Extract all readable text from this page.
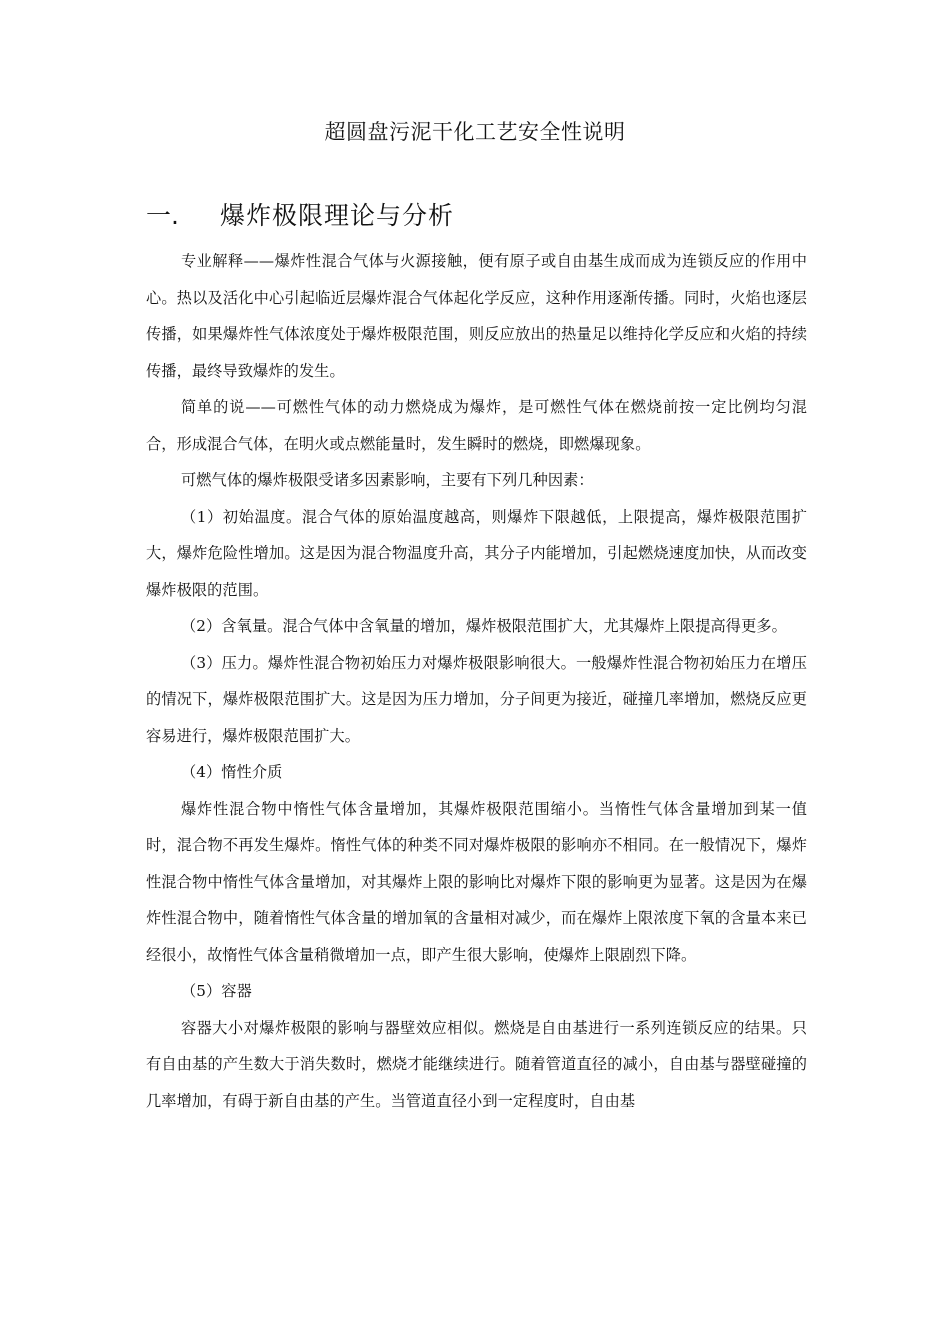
超圆盘污泥干化工艺安全性说明
一. 爆炸极限理论与分析

专业解释——爆炸性混合气体与火源接触，便有原子或自由基生成而成为连锁反应的作用中心。热以及活化中心引起临近层爆炸混合气体起化学反应，这种作用逐渐传播。同时，火焰也逐层传播，如果爆炸性气体浓度处于爆炸极限范围，则反应放出的热量足以维持化学反应和火焰的持续传播，最终导致爆炸的发生。

简单的说——可燃性气体的动力燃烧成为爆炸，是可燃性气体在燃烧前按一定比例均匀混合，形成混合气体，在明火或点燃能量时，发生瞬时的燃烧，即燃爆现象。

可燃气体的爆炸极限受诸多因素影响，主要有下列几种因素：

（1）初始温度。混合气体的原始温度越高，则爆炸下限越低，上限提高，爆炸极限范围扩大，爆炸危险性增加。这是因为混合物温度升高，其分子内能增加，引起燃烧速度加快，从而改变爆炸极限的范围。

（2）含氧量。混合气体中含氧量的增加，爆炸极限范围扩大，尤其爆炸上限提高得更多。

（3）压力。爆炸性混合物初始压力对爆炸极限影响很大。一般爆炸性混合物初始压力在增压的情况下，爆炸极限范围扩大。这是因为压力增加，分子间更为接近，碰撞几率增加，燃烧反应更容易进行，爆炸极限范围扩大。

（4）惰性介质

爆炸性混合物中惰性气体含量增加，其爆炸极限范围缩小。当惰性气体含量增加到某一值时，混合物不再发生爆炸。惰性气体的种类不同对爆炸极限的影响亦不相同。在一般情况下，爆炸性混合物中惰性气体含量增加，对其爆炸上限的影响比对爆炸下限的影响更为显著。这是因为在爆炸性混合物中，随着惰性气体含量的增加氧的含量相对减少，而在爆炸上限浓度下氧的含量本来已经很小，故惰性气体含量稍微增加一点，即产生很大影响，使爆炸上限剧烈下降。

（5）容器

容器大小对爆炸极限的影响与器壁效应相似。燃烧是自由基进行一系列连锁反应的结果。只有自由基的产生数大于消失数时，燃烧才能继续进行。随着管道直径的减小，自由基与器壁碰撞的几率增加，有碍于新自由基的产生。当管道直径小到一定程度时，自由基
